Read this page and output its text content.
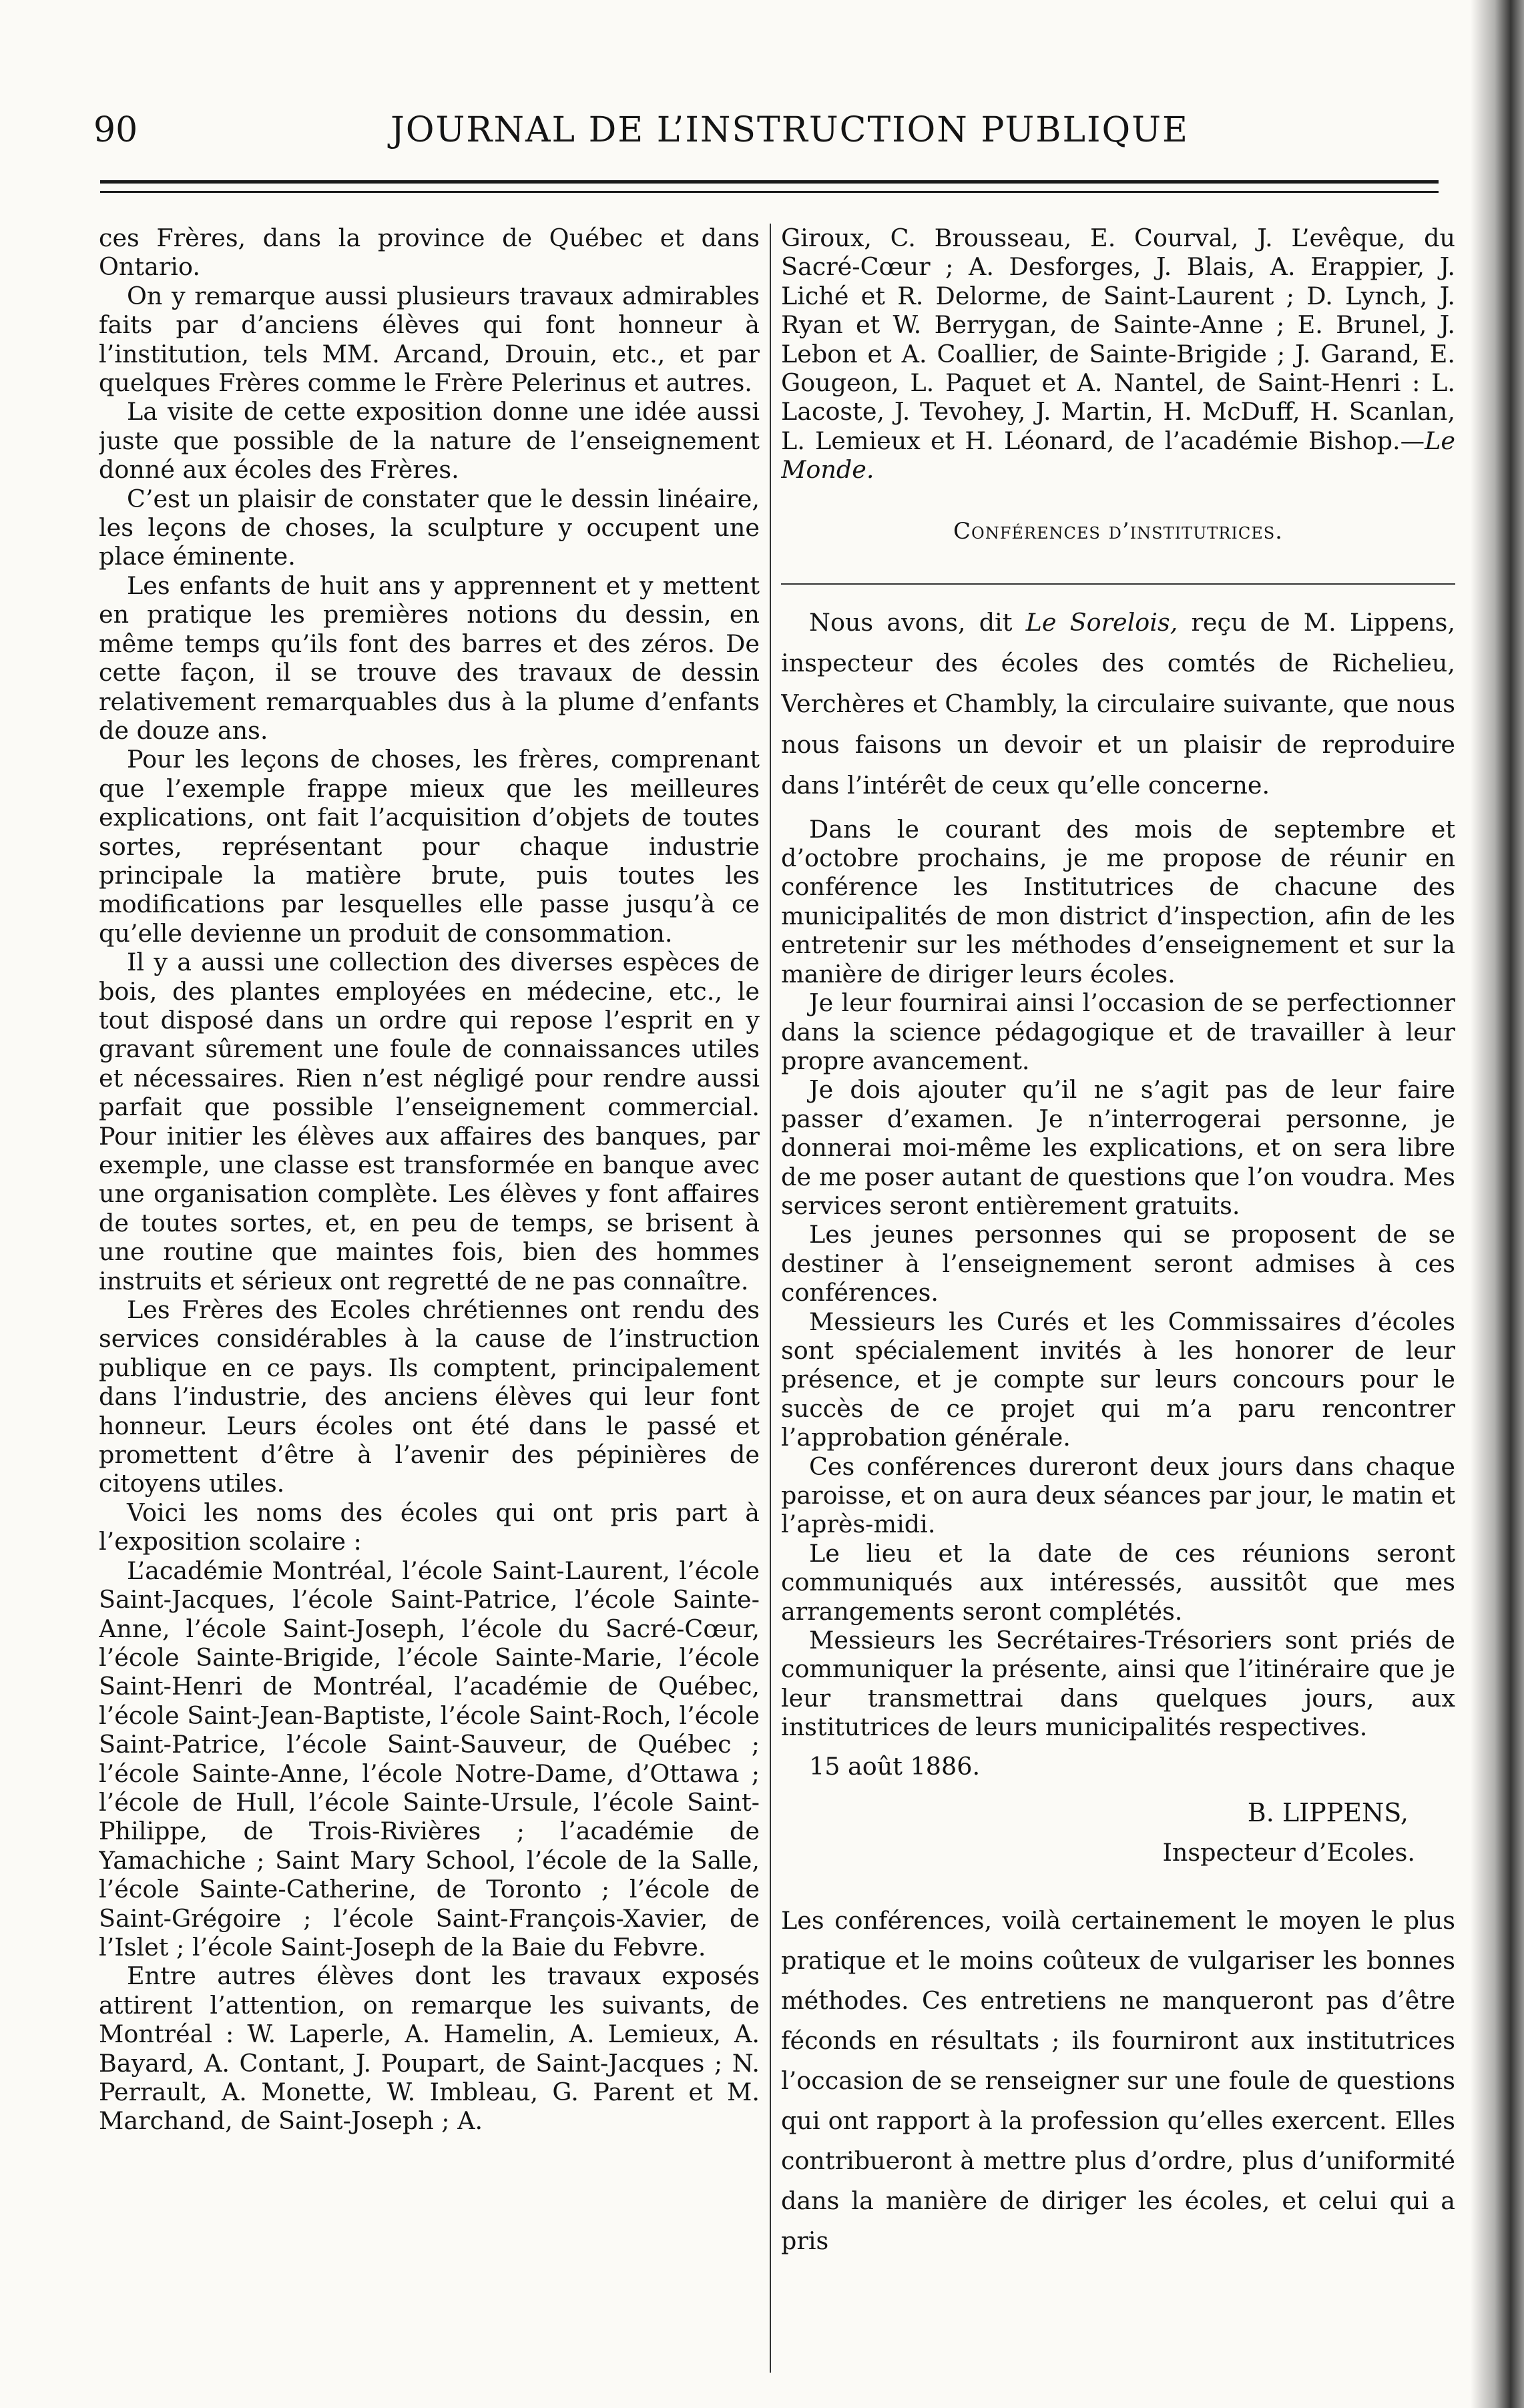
90	JOURNAL DE L’INSTRUCTION PUBLIQUE

ces Frères, dans la province de Québec et dans Ontario.

On y remarque aussi plusieurs travaux admirables faits par d’anciens élèves qui font honneur à l’institution, tels MM. Arcand, Drouin, etc., et par quelques Frères comme le Frère Pelerinus et autres.

La visite de cette exposition donne une idée aussi juste que possible de la nature de l’enseignement donné aux écoles des Frères.

C’est un plaisir de constater que le dessin linéaire, les leçons de choses, la sculpture y occupent une place éminente.

Les enfants de huit ans y apprennent et y mettent en pratique les premières notions du dessin, en même temps qu’ils font des barres et des zéros. De cette façon, il se trouve des travaux de dessin relativement remarquables dus à la plume d’enfants de douze ans.

Pour les leçons de choses, les frères, comprenant que l’exemple frappe mieux que les meilleures explications, ont fait l’acquisition d’objets de toutes sortes, représentant pour chaque industrie principale la matière brute, puis toutes les modifications par lesquelles elle passe jusqu’à ce qu’elle devienne un produit de consommation.

Il y a aussi une collection des diverses espèces de bois, des plantes employées en médecine, etc., le tout disposé dans un ordre qui repose l’esprit en y gravant sûrement une foule de connaissances utiles et nécessaires. Rien n’est négligé pour rendre aussi parfait que possible l’enseignement commercial. Pour initier les élèves aux affaires des banques, par exemple, une classe est transformée en banque avec une organisation complète. Les élèves y font affaires de toutes sortes, et, en peu de temps, se brisent à une routine que maintes fois, bien des hommes instruits et sérieux ont regretté de ne pas connaître.

Les Frères des Ecoles chrétiennes ont rendu des services considérables à la cause de l’instruction publique en ce pays. Ils comptent, principalement dans l’industrie, des anciens élèves qui leur font honneur. Leurs écoles ont été dans le passé et promettent d’être à l’avenir des pépinières de citoyens utiles.

Voici les noms des écoles qui ont pris part à l’exposition scolaire :

L’académie Montréal, l’école Saint-Laurent, l’école Saint-Jacques, l’école Saint-Patrice, l’école Sainte-Anne, l’école Saint-Joseph, l’école du Sacré-Cœur, l’école Sainte-Brigide, l’école Sainte-Marie, l’école Saint-Henri de Montréal, l’académie de Québec, l’école Saint-Jean-Baptiste, l’école Saint-Roch, l’école Saint-Patrice, l’école Saint-Sauveur, de Québec ; l’école Sainte-Anne, l’école Notre-Dame, d’Ottawa ; l’école de Hull, l’école Sainte-Ursule, l’école Saint-Philippe, de Trois-Rivières ; l’académie de Yamachiche ; Saint Mary School, l’école de la Salle, l’école Sainte-Catherine, de Toronto ; l’école de Saint-Grégoire ; l’école Saint-François-Xavier, de l’Islet ; l’école Saint-Joseph de la Baie du Febvre.

Entre autres élèves dont les travaux exposés attirent l’attention, on remarque les suivants, de Montréal : W. Laperle, A. Hamelin, A. Lemieux, A. Bayard, A. Contant, J. Poupart, de Saint-Jacques ; N. Perrault, A. Monette, W. Imbleau, G. Parent et M. Marchand, de Saint-Joseph ; A.

Giroux, C. Brousseau, E. Courval, J. L’evêque, du Sacré-Cœur ; A. Desforges, J. Blais, A. Erappier, J. Liché et R. Delorme, de Saint-Laurent ; D. Lynch, J. Ryan et W. Berrygan, de Sainte-Anne ; E. Brunel, J. Lebon et A. Coallier, de Sainte-Brigide ; J. Garand, E. Gougeon, L. Paquet et A. Nantel, de Saint-Henri : L. Lacoste, J. Tevohey, J. Martin, H. McDuff, H. Scanlan, L. Lemieux et H. Léonard, de l’académie Bishop.—Le Monde.

Conférences d’institutrices.

Nous avons, dit Le Sorelois, reçu de M. Lippens, inspecteur des écoles des comtés de Richelieu, Verchères et Chambly, la circulaire suivante, que nous nous faisons un devoir et un plaisir de reproduire dans l’intérêt de ceux qu’elle concerne.

Dans le courant des mois de septembre et d’octobre prochains, je me propose de réunir en conférence les Institutrices de chacune des municipalités de mon district d’inspection, afin de les entretenir sur les méthodes d’enseignement et sur la manière de diriger leurs écoles.

Je leur fournirai ainsi l’occasion de se perfectionner dans la science pédagogique et de travailler à leur propre avancement.

Je dois ajouter qu’il ne s’agit pas de leur faire passer d’examen. Je n’interrogerai personne, je donnerai moi-même les explications, et on sera libre de me poser autant de questions que l’on voudra. Mes services seront entièrement gratuits.

Les jeunes personnes qui se proposent de se destiner à l’enseignement seront admises à ces conférences.

Messieurs les Curés et les Commissaires d’écoles sont spécialement invités à les honorer de leur présence, et je compte sur leurs concours pour le succès de ce projet qui m’a paru rencontrer l’approbation générale.

Ces conférences dureront deux jours dans chaque paroisse, et on aura deux séances par jour, le matin et l’après-midi.

Le lieu et la date de ces réunions seront communiqués aux intéressés, aussitôt que mes arrangements seront complétés.

Messieurs les Secrétaires-Trésoriers sont priés de communiquer la présente, ainsi que l’itinéraire que je leur transmettrai dans quelques jours, aux institutrices de leurs municipalités respectives.

15 août 1886.

B. LIPPENS,
Inspecteur d’Ecoles.

Les conférences, voilà certainement le moyen le plus pratique et le moins coûteux de vulgariser les bonnes méthodes. Ces entretiens ne manqueront pas d’être féconds en résultats ; ils fourniront aux institutrices l’occasion de se renseigner sur une foule de questions qui ont rapport à la profession qu’elles exercent. Elles contribueront à mettre plus d’ordre, plus d’uniformité dans la manière de diriger les écoles, et celui qui a pris
